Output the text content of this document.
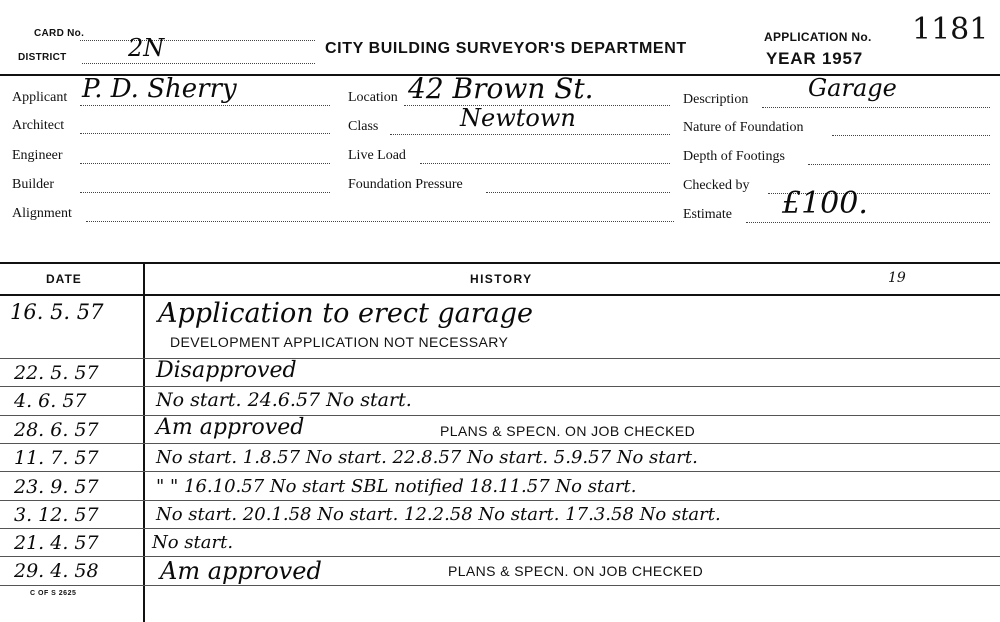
CARD No.
DISTRICT	2N	CITY BUILDING SURVEYOR'S DEPARTMENT
APPLICATION No. 1181
YEAR 1957
Applicant P. D. Sherry
Architect
Engineer
Builder
Alignment
Location 42 Brown St.
Class	Newtown
Live Load
Foundation Pressure
Description Garage
Nature of Foundation
Depth of Footings
Checked by
Estimate £100.
DATE	HISTORY	19
16. 5. 57 Application to erect garage
DEVELOPMENT APPLICATION NOT NECESSARY
22. 5. 57	Disapproved
4. 6. 57	No start. 24.6.57 No start.
28. 6. 57	Am approved	PLANS & SPECN. ON JOB CHECKED
11. 7. 57	No start. 1.8.57 No start. 22.8.57 No start. 5.9.57 No start.
23. 9. 57	" " 16.10.57 No start SBL notified 18.11.57 No start.
3. 12. 57	No start. 20.1.58 No start. 12.2.58 No start. 17.3.58 No start.
21. 4. 57	No start.
29. 4. 58	Am approved	PLANS & SPECN. ON JOB CHECKED
C OF S 2625
